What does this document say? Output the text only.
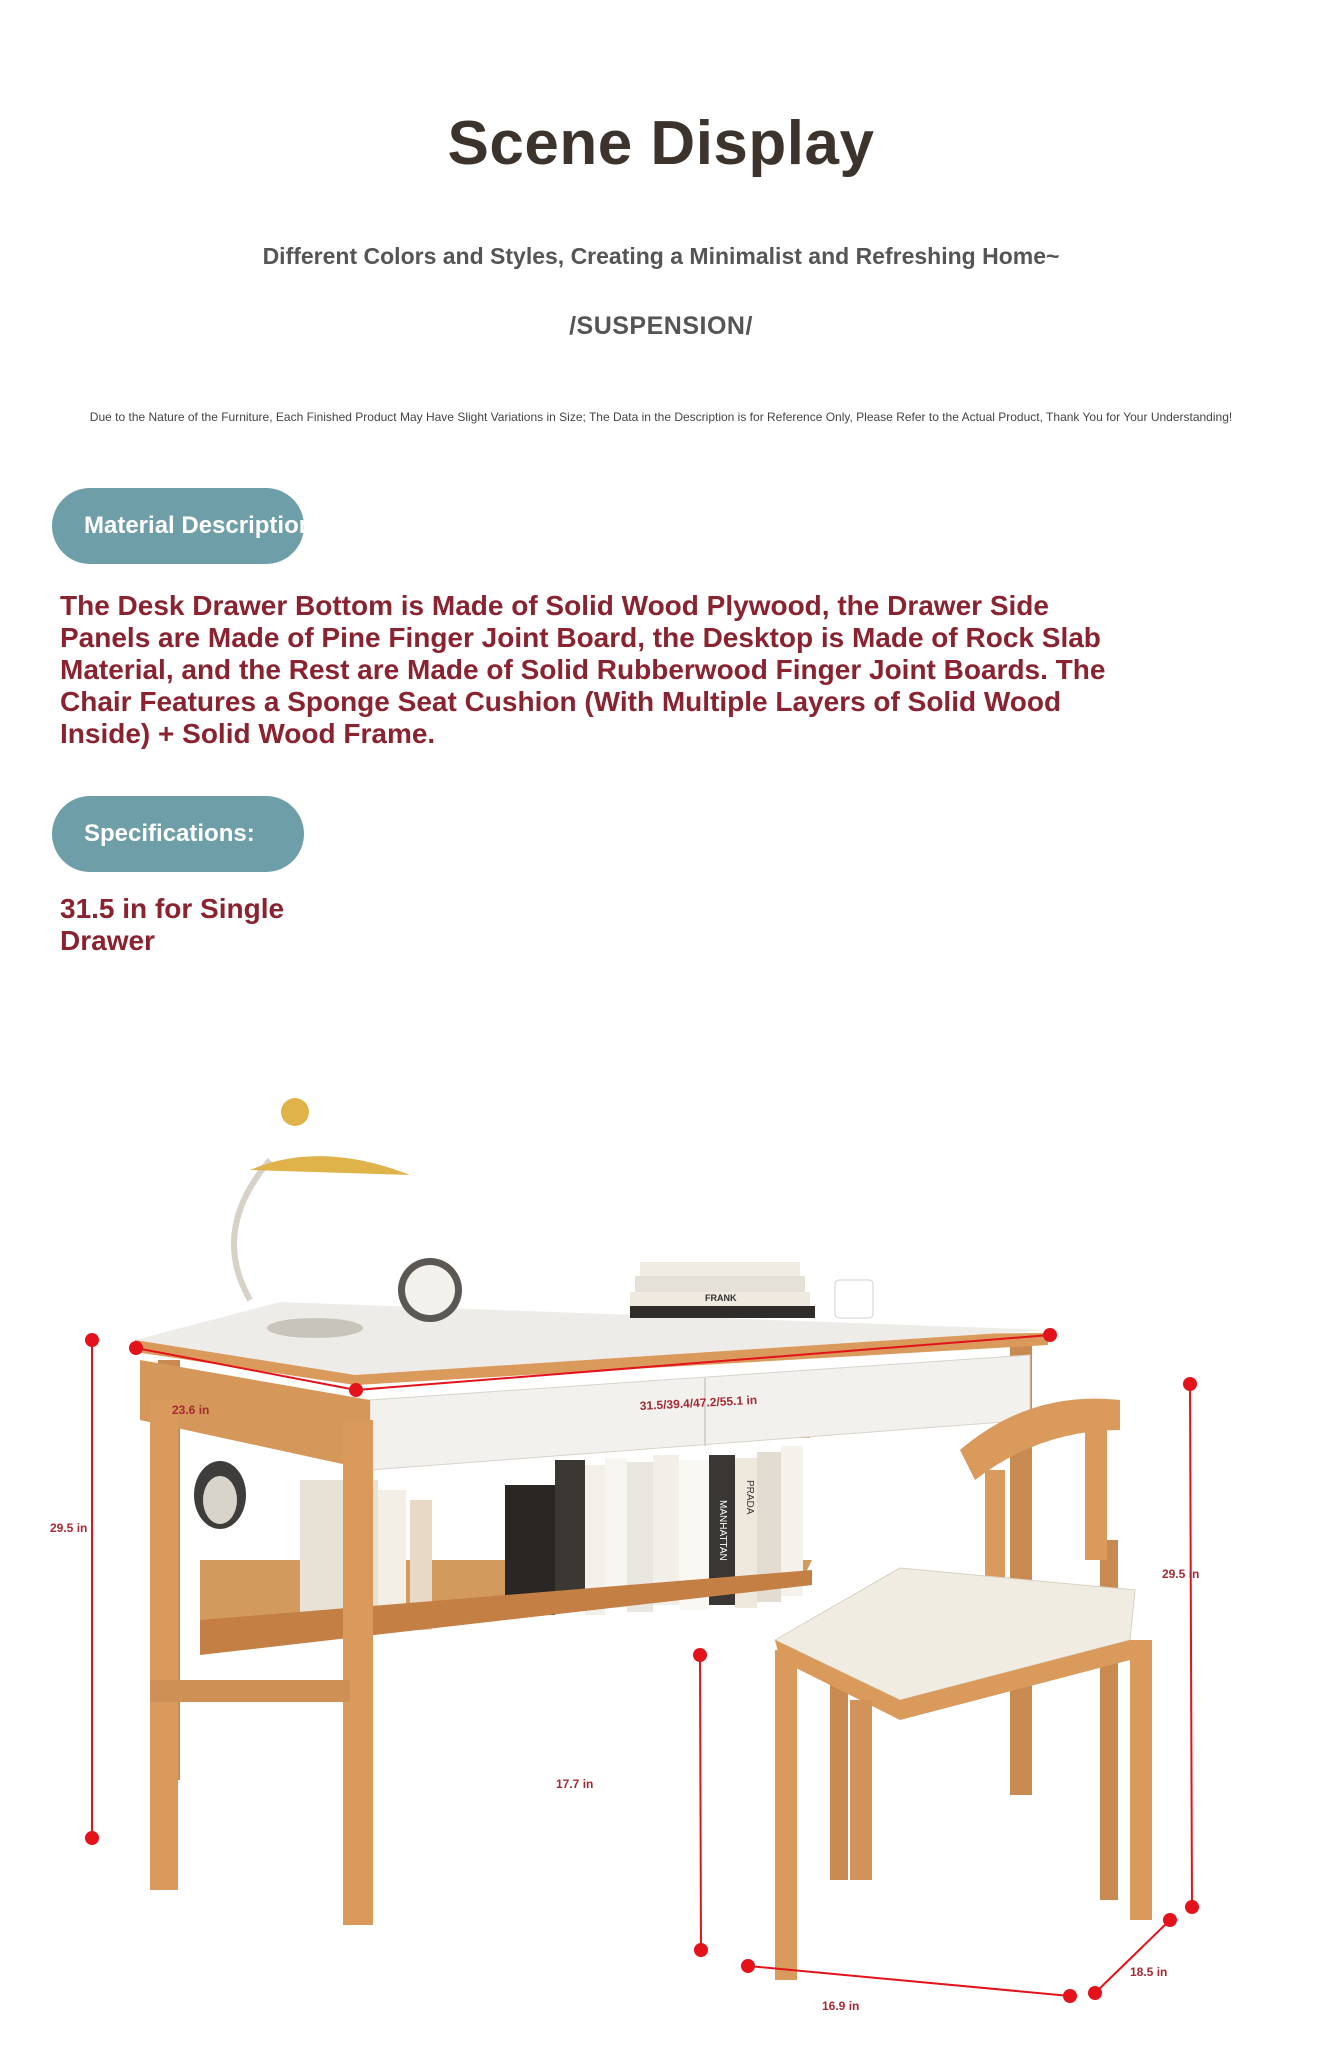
Scene Display
Different Colors and Styles, Creating a Minimalist and Refreshing Home~
/SUSPENSION/
Due to the Nature of the Furniture, Each Finished Product May Have Slight Variations in Size; The Data in the Description is for Reference Only, Please Refer to the Actual Product, Thank You for Your Understanding!
Material Description:
The Desk Drawer Bottom is Made of Solid Wood Plywood, the Drawer Side Panels are Made of Pine Finger Joint Board, the Desktop is Made of Rock Slab Material, and the Rest are Made of Solid Rubberwood Finger Joint Boards. The Chair Features a Sponge Seat Cushion (With Multiple Layers of Solid Wood Inside) + Solid Wood Frame.
Specifications:
31.5 in for Single Drawer
MANHATTAN
PRADA
FRANK
23.6 in	31.5/39.4/47.2/55.1 in
29.5 in
29.5 in
17.7 in
18.5 in
16.9 in
